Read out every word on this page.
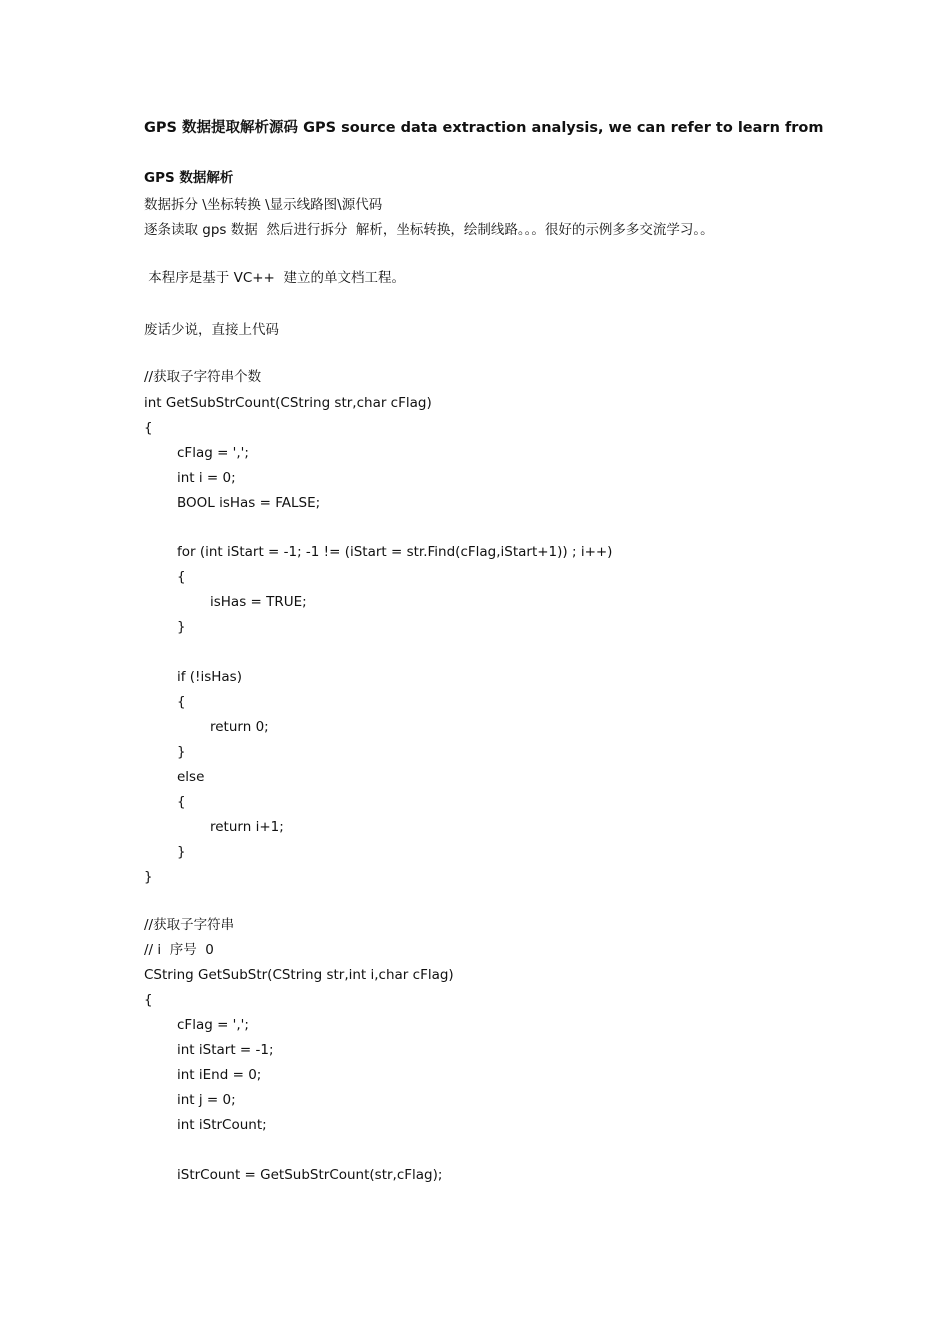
GPS 数据提取解析源码 GPS source data extraction analysis, we can refer to learn from
GPS 数据解析
数据拆分 \坐标转换 \显示线路图\源代码
逐条读取 gps 数据  然后进行拆分  解析，坐标转换，绘制线路。。。很好的示例多多交流学习。。
本程序是基于 VC++  建立的单文档工程。
废话少说，直接上代码
//获取子字符串个数
int GetSubStrCount(CString str,char cFlag)
{
cFlag = ',';
int i = 0;
BOOL isHas = FALSE;
for (int iStart = -1; -1 != (iStart = str.Find(cFlag,iStart+1)) ; i++)
{
isHas = TRUE;
}
if (!isHas)
{
return 0;
}
else
{
return i+1;
}
}
//获取子字符串
// i  序号  0
CString GetSubStr(CString str,int i,char cFlag)
{
cFlag = ',';
int iStart = -1;
int iEnd = 0;
int j = 0;
int iStrCount;
iStrCount = GetSubStrCount(str,cFlag);
